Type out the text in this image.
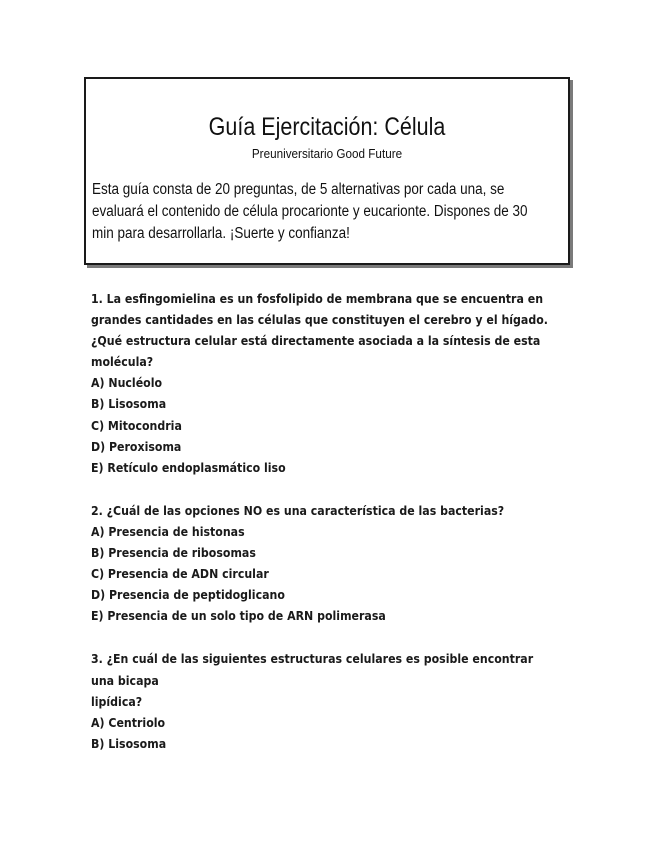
Guía Ejercitación: Célula
Preuniversitario Good Future
Esta guía consta de 20 preguntas, de 5 alternativas por cada una, se
evaluará el contenido de célula procarionte y eucarionte. Dispones de 30
min para desarrollarla. ¡Suerte y confianza!
1. La esfingomielina es un fosfolipido de membrana que se encuentra en
grandes cantidades en las células que constituyen el cerebro y el hígado.
¿Qué estructura celular está directamente asociada a la síntesis de esta
molécula?
A) Nucléolo
B) Lisosoma
C) Mitocondria
D) Peroxisoma
E) Retículo endoplasmático liso
2. ¿Cuál de las opciones NO es una característica de las bacterias?
A) Presencia de histonas
B) Presencia de ribosomas
C) Presencia de ADN circular
D) Presencia de peptidoglicano
E) Presencia de un solo tipo de ARN polimerasa
3. ¿En cuál de las siguientes estructuras celulares es posible encontrar
una bicapa
lipídica?
A) Centriolo
B) Lisosoma
